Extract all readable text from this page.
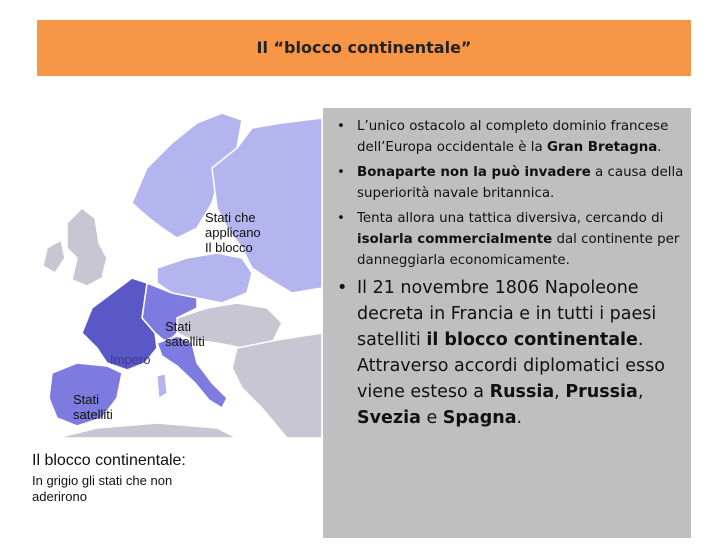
Il “blocco continentale”
Stati che
applicano
Il blocco
Stati
satelliti
Impero
Stati
satelliti
Il blocco continentale:
In grigio gli stati che non aderirono
• L’unico ostacolo al completo dominio francese dell’Europa occidentale è la Gran Bretagna.
• Bonaparte non la può invadere a causa della superiorità navale britannica.
• Tenta allora una tattica diversiva, cercando di isolarla commercialmente dal continente per danneggiarla economicamente.
• Il 21 novembre 1806 Napoleone decreta in Francia e in tutti i paesi satelliti il blocco continentale. Attraverso accordi diplomatici esso viene esteso a Russia, Prussia, Svezia e Spagna.
